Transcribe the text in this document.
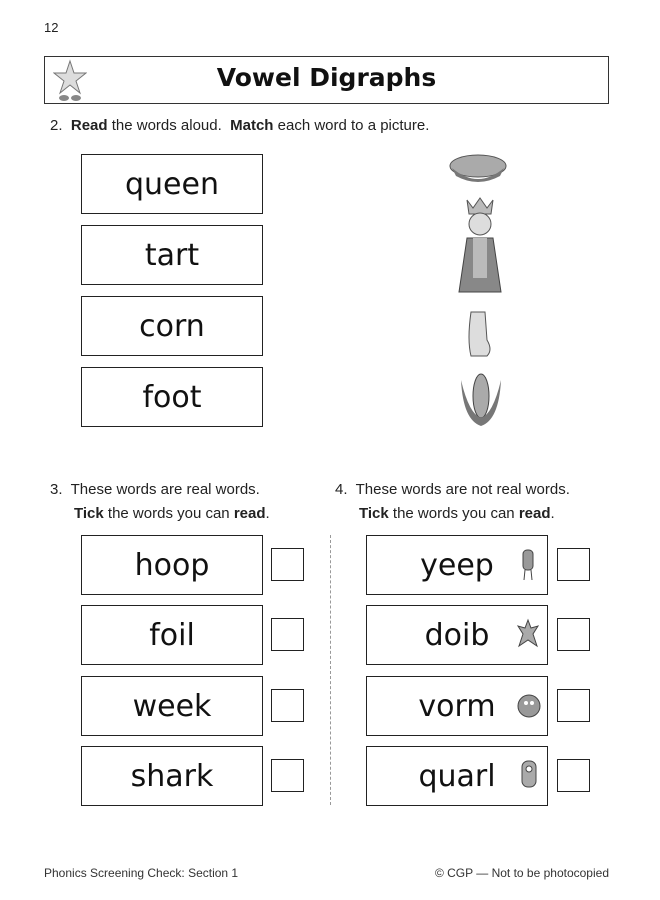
12
Vowel Digraphs
2. Read the words aloud.  Match each word to a picture.
queen
tart
corn
foot
3. These words are real words.
Tick the words you can read.
4. These words are not real words.
Tick the words you can read.
hoop
foil
week
shark
yeep
doib
vorm
quarl
Phonics Screening Check: Section 1	© CGP — Not to be photocopied
